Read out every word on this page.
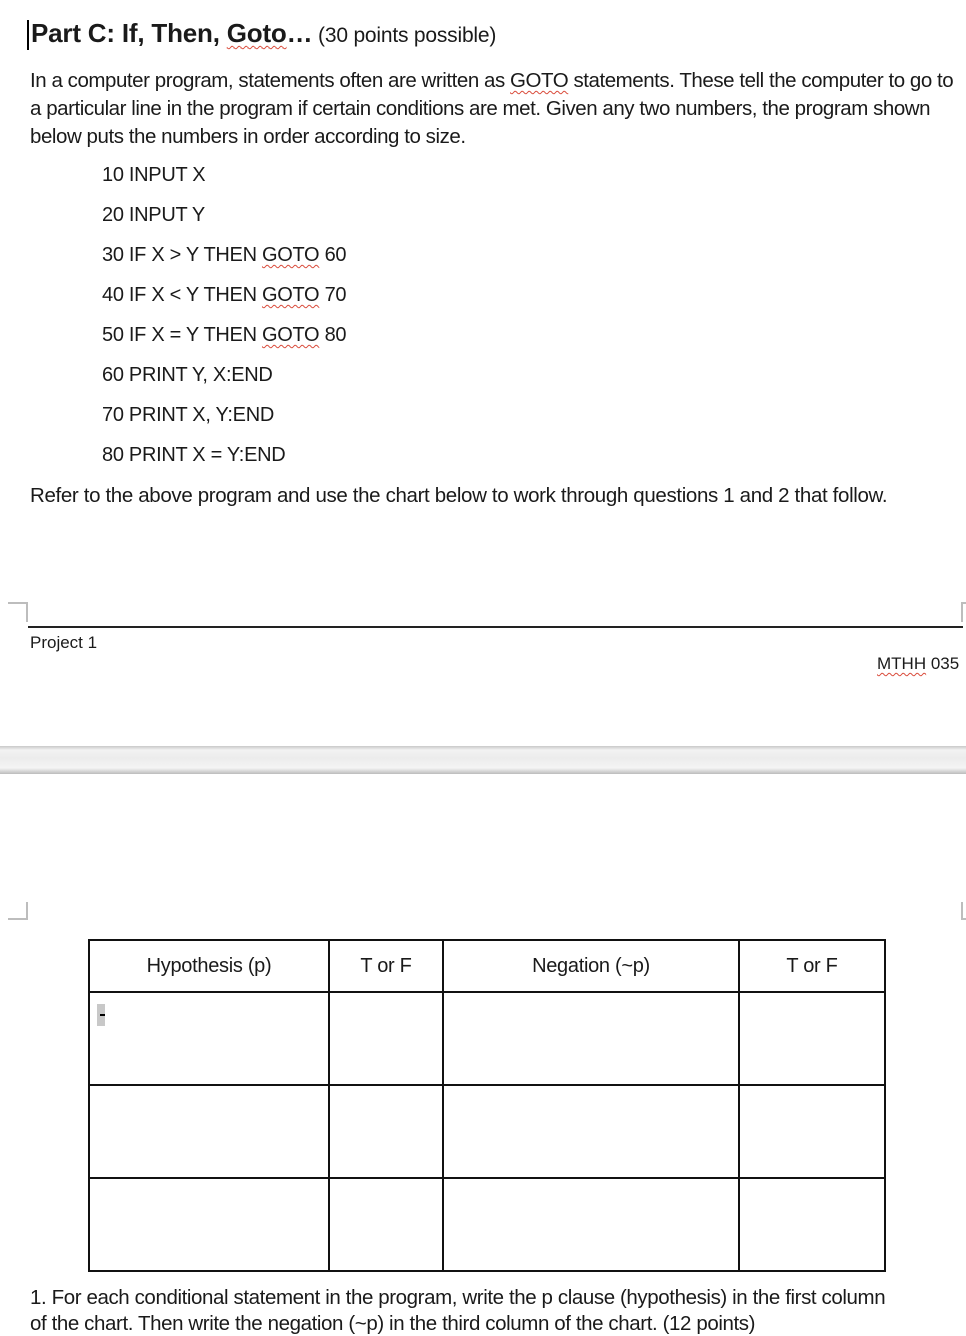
Part C: If, Then, Goto… (30 points possible)
In a computer program, statements often are written as GOTO statements. These tell the computer to go to a particular line in the program if certain conditions are met. Given any two numbers, the program shown below puts the numbers in order according to size.
10 INPUT X
20 INPUT Y
30 IF X > Y THEN GOTO 60
40 IF X < Y THEN GOTO 70
50 IF X = Y THEN GOTO 80
60 PRINT Y, X:END
70 PRINT X, Y:END
80 PRINT X = Y:END
Refer to the above program and use the chart below to work through questions 1 and 2 that follow.
Project 1
MTHH 035
Hypothesis (p)	T or F	Negation (~p)	T or F

1. For each conditional statement in the program, write the p clause (hypothesis) in the first column
of the chart. Then write the negation (~p) in the third column of the chart. (12 points)
